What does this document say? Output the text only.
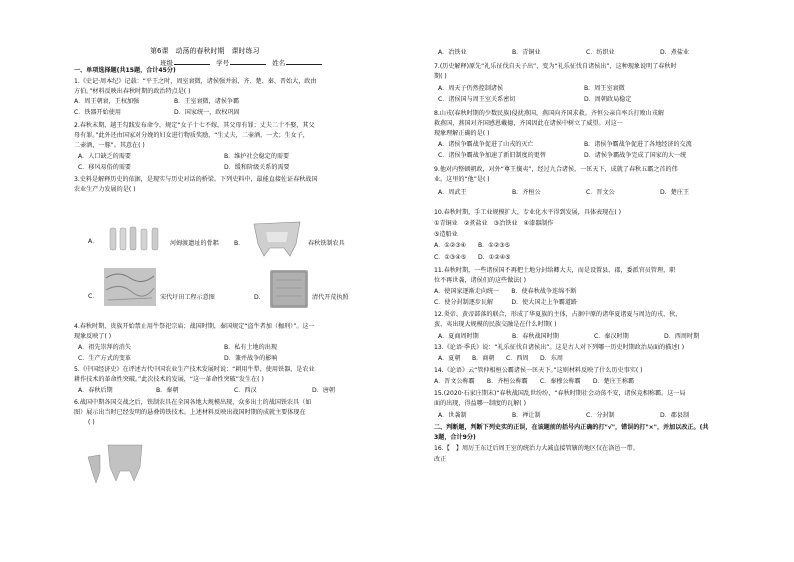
第6课　动荡的春秋时期　课时练习
班级	学号	姓名

一、单项选择题(共15题，合计45分)

1.《史记·周本纪》记载：“平王之时，周室衰微，诸侯强并弱，齐、楚、秦、晋始大，政由

方伯。”材料反映出春秋时期的政治特点是( )

A．周王朝衰，王权加强	B．王室衰微，诸侯争霸

C．铁器开始使用	D．国家统一，政权巩固

2.春秋末期，越王勾践发布命令，规定“女子十七不嫁，其父母有罪；丈夫二十不娶，其父

母有罪。”此外还由国家对分娩的妇女进行物质奖励，“生丈夫，二壶酒，一犬；生女子，

二壶酒，一豚”。其意在( )

A．人口缺乏的需要	B．维护社会稳定的需要

C．移风易俗的需要	D．缓和阶级关系的需要

3.史料是解释历史的依据，是现实与历史对话的桥梁。下列史料中，最能直接佐证春秋战国

农业生产力发展的是( )

A．	河姆渡遗址的骨耜	B．	春秋铁制农具
C．	宋代圩田工程示意图	D．	清代开荒执照

4.春秋时期，贵族开始禁止用牛祭祀宗庙；战国时期，秦国规定“盗牛者加（枷刑）”。这一

现象反映了( )

A．祖先崇拜的消失	B．私有土地的出现

C．生产方式的变革	D．兼并战争的影响

5.《中国经济史》在评述古代中国农业生产技术发展时说：“耕用牛犁，使用铁器，是农业

耕作技术的革命性突破。”此次技术的发展，“这一革命性突破”发生在( )

A．春秋后期	B．秦朝	C．西汉	D．唐朝

6.战国中期各国交战之后，铁制农具在全国各地大规模出现，众多出土的战国铁农具（如

图）展示出当时已经发明的悬叠铸铁技术。上述材料反映出战国时期的成就主要体现在

( )

A．冶铁业	B．青铜业	C．纺织业	D．煮盐业

7.(历史解释)原先“礼乐征伐自天子出”，变为“礼乐征伐自诸侯出”，这种现象说明了春秋时

期( )

A．周天子仍然控制诸侯	B．周王室衰微

C．诸侯国与周王室关系密切	D．周朝政局稳定

8.山戎(春秋时期的少数民族)侵扰燕国，燕国向齐国求救。齐恒公亲自率兵打败山戎解

救燕国，燕国对齐国感恩戴德，齐国因此在诸侯中树立了威望。对这一

现象理解正确的是( )

A．诸侯争霸战争促进了山戎的灭亡	B．诸侯争霸战争促进了各地经济的交流

C．诸侯争霸战争加速了新旧制度的更替	D．诸侯争霸战争完成了国家的大一统

9.他对内整顿朝政，对外“尊王攘夷”，经过九合诸侯，一匡天下，成就了春秋五霸之首的伟

业。这里的“他”是( )

A．周武王	B．齐桓公	C．晋文公	D．楚庄王

10.春秋时期，手工业规模扩大，专业化水平得到发展，具体表现在( )

①青铜业　②煮盐业　③冶铁业　④漆器制作

⑤造船业

A．①②③④ B．①②③⑤

C．①③④⑤ D．①②④⑤

11.春秋时期，一些诸侯国不再把土地分封给卿大夫，而是设置县、郡，委派官员管理，职

位不再世袭，诸侯们的这些做法( )

A．使国家逐渐走向统一　　B．使春秋战争连绵不断

C．使分封制逐步瓦解　　　D．使大国走上争霸道路

12.炎帝、黄帝部落的联合，形成了华夏族的主体，占据中原的诸华夏诸夏与周边的戎、狄、

蛮、夷出现大规模的民族交融是在什么时期( )

A．夏商周时期	B．春秋战国时期	C．秦汉时期	D．西周时期

13.《论语·季氏》说：“礼乐征伐自诸侯出”。这是古人对下列哪一历史时期政治局面的描述( )

A．夏朝 B．商朝 C．西周 D．东周

14.《论语》云“管仲相桓公霸诸侯一匡天下。”这则材料反映了什么历史事实( )

A．晋文公称霸　　B．齐桓公称霸　　C．秦穆公称霸　　D．楚庄王称霸

15.(2020·石家庄期末)“春秋战国乱世纷纷，“春秋时期社会动荡不安，诸侯竞相称霸。这一局

面的出现，得益哪一制度的瓦解( )

A．世袭制	B．禅让制	C．分封制	D．郡县制

二、判断题，判断下列史实的正误，在该题前的括号内正确的打"√"，错误的打"×"，并加以改正。(共

3题，合计9分)

16.【　】周厉王东迁后周王室的统治力大减直接管辖的地区仅在洛邑一带。

改正
